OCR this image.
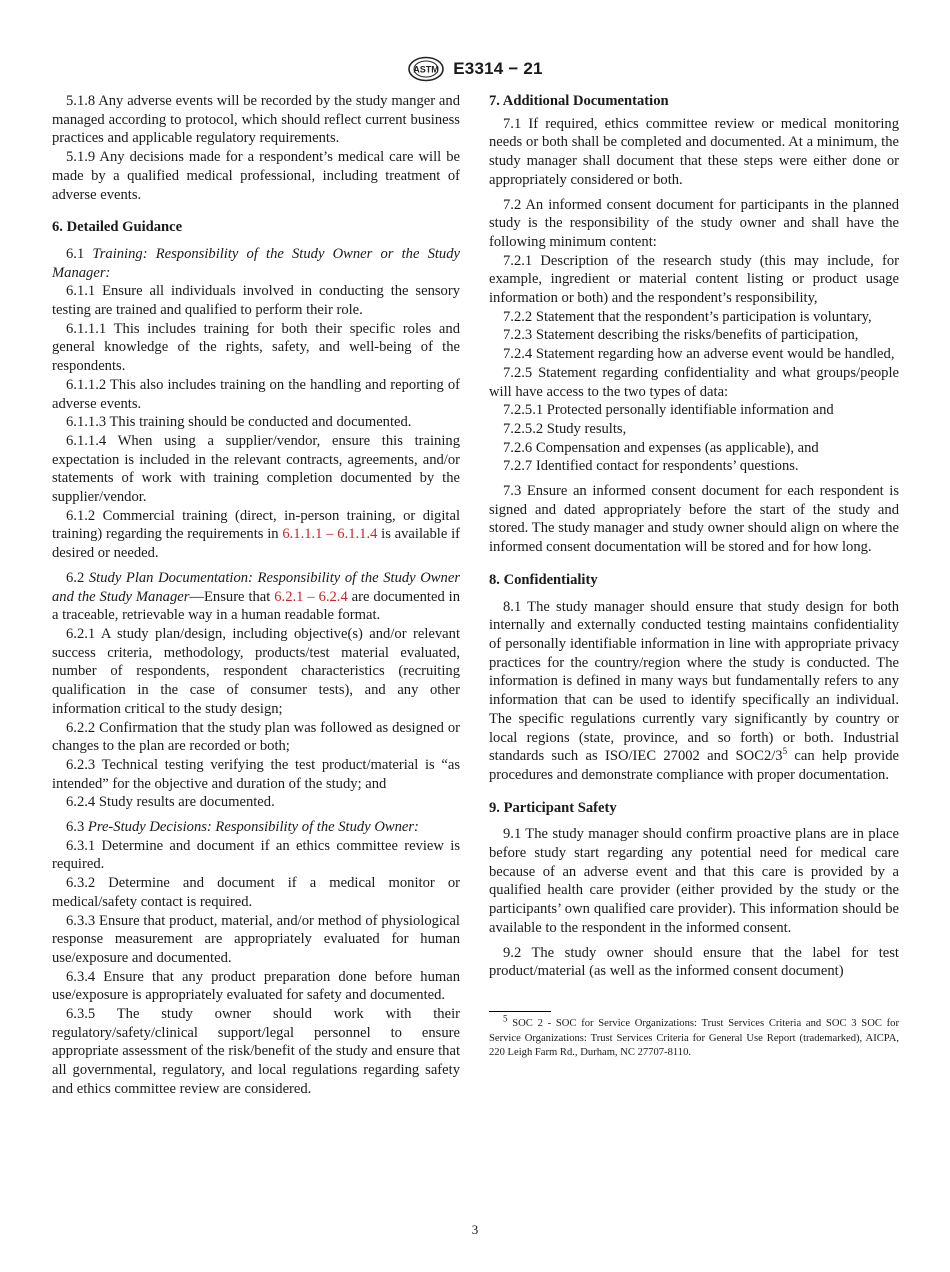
ASTM E3314 − 21

5.1.8 Any adverse events will be recorded by the study manger and managed according to protocol, which should reflect current business practices and applicable regulatory requirements.

5.1.9 Any decisions made for a respondent’s medical care will be made by a qualified medical professional, including treatment of adverse events.

6. Detailed Guidance

6.1 Training: Responsibility of the Study Owner or the Study Manager:

6.1.1 Ensure all individuals involved in conducting the sensory testing are trained and qualified to perform their role.

6.1.1.1 This includes training for both their specific roles and general knowledge of the rights, safety, and well-being of the respondents.

6.1.1.2 This also includes training on the handling and reporting of adverse events.

6.1.1.3 This training should be conducted and documented.

6.1.1.4 When using a supplier/vendor, ensure this training expectation is included in the relevant contracts, agreements, and/or statements of work with training completion documented by the supplier/vendor.

6.1.2 Commercial training (direct, in-person training, or digital training) regarding the requirements in 6.1.1.1 – 6.1.1.4 is available if desired or needed.

6.2 Study Plan Documentation: Responsibility of the Study Owner and the Study Manager—Ensure that 6.2.1 – 6.2.4 are documented in a traceable, retrievable way in a human readable format.

6.2.1 A study plan/design, including objective(s) and/or relevant success criteria, methodology, products/test material evaluated, number of respondents, respondent characteristics (recruiting qualification in the case of consumer tests), and any other information critical to the study design;

6.2.2 Confirmation that the study plan was followed as designed or changes to the plan are recorded or both;

6.2.3 Technical testing verifying the test product/material is “as intended” for the objective and duration of the study; and

6.2.4 Study results are documented.

6.3 Pre-Study Decisions: Responsibility of the Study Owner:

6.3.1 Determine and document if an ethics committee review is required.

6.3.2 Determine and document if a medical monitor or medical/safety contact is required.

6.3.3 Ensure that product, material, and/or method of physiological response measurement are appropriately evaluated for human use/exposure and documented.

6.3.4 Ensure that any product preparation done before human use/exposure is appropriately evaluated for safety and documented.

6.3.5 The study owner should work with their regulatory/safety/clinical support/legal personnel to ensure appropriate assessment of the risk/benefit of the study and ensure that all governmental, regulatory, and local regulations regarding safety and ethics committee review are considered.

7. Additional Documentation

7.1 If required, ethics committee review or medical monitoring needs or both shall be completed and documented. At a minimum, the study manager shall document that these steps were either done or appropriately considered or both.

7.2 An informed consent document for participants in the planned study is the responsibility of the study owner and shall have the following minimum content:

7.2.1 Description of the research study (this may include, for example, ingredient or material content listing or product usage information or both) and the respondent’s responsibility,

7.2.2 Statement that the respondent’s participation is voluntary,

7.2.3 Statement describing the risks/benefits of participation,

7.2.4 Statement regarding how an adverse event would be handled,

7.2.5 Statement regarding confidentiality and what groups/people will have access to the two types of data:

7.2.5.1 Protected personally identifiable information and

7.2.5.2 Study results,

7.2.6 Compensation and expenses (as applicable), and

7.2.7 Identified contact for respondents’ questions.

7.3 Ensure an informed consent document for each respondent is signed and dated appropriately before the start of the study and stored. The study manager and study owner should align on where the informed consent documentation will be stored and for how long.

8. Confidentiality

8.1 The study manager should ensure that study design for both internally and externally conducted testing maintains confidentiality of personally identifiable information in line with appropriate privacy practices for the country/region where the study is conducted. The information is defined in many ways but fundamentally refers to any information that can be used to identify specifically an individual. The specific regulations currently vary significantly by country or local regions (state, province, and so forth) or both. Industrial standards such as ISO/IEC 27002 and $SOC2/3^5$ can help provide procedures and demonstrate compliance with proper documentation.

9. Participant Safety

9.1 The study manager should confirm proactive plans are in place before study start regarding any potential need for medical care because of an adverse event and that this care is provided by a qualified health care provider (either provided by the study or the participants’ own qualified care provider). This information should be available to the respondent in the informed consent.

9.2 The study owner should ensure that the label for test product/material (as well as the informed consent document)

$^5$ SOC 2 - SOC for Service Organizations: Trust Services Criteria and SOC 3 SOC for Service Organizations: Trust Services Criteria for General Use Report (trademarked), AICPA, 220 Leigh Farm Rd., Durham, NC 27707-8110.

3
